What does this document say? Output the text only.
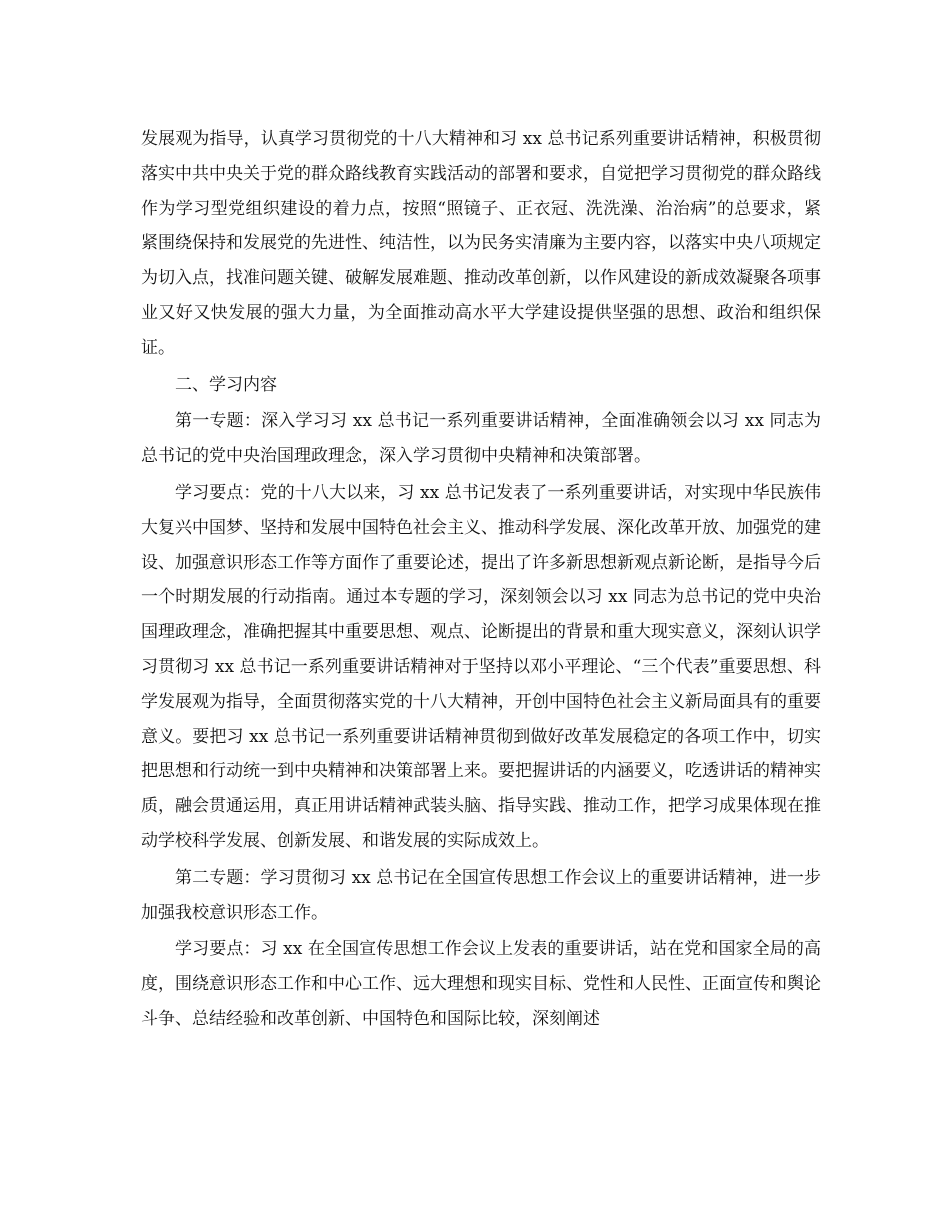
发展观为指导，认真学习贯彻党的十八大精神和习 xx 总书记系列重要讲话精神，积极贯彻落实中共中央关于党的群众路线教育实践活动的部署和要求，自觉把学习贯彻党的群众路线作为学习型党组织建设的着力点，按照“照镜子、正衣冠、洗洗澡、治治病”的总要求，紧紧围绕保持和发展党的先进性、纯洁性，以为民务实清廉为主要内容，以落实中央八项规定为切入点，找准问题关键、破解发展难题、推动改革创新，以作风建设的新成效凝聚各项事业又好又快发展的强大力量，为全面推动高水平大学建设提供坚强的思想、政治和组织保证。

二、学习内容

第一专题：深入学习习 xx 总书记一系列重要讲话精神，全面准确领会以习 xx 同志为总书记的党中央治国理政理念，深入学习贯彻中央精神和决策部署。

学习要点：党的十八大以来，习 xx 总书记发表了一系列重要讲话，对实现中华民族伟大复兴中国梦、坚持和发展中国特色社会主义、推动科学发展、深化改革开放、加强党的建设、加强意识形态工作等方面作了重要论述，提出了许多新思想新观点新论断，是指导今后一个时期发展的行动指南。通过本专题的学习，深刻领会以习 xx 同志为总书记的党中央治国理政理念，准确把握其中重要思想、观点、论断提出的背景和重大现实意义，深刻认识学习贯彻习 xx 总书记一系列重要讲话精神对于坚持以邓小平理论、“三个代表”重要思想、科学发展观为指导，全面贯彻落实党的十八大精神，开创中国特色社会主义新局面具有的重要意义。要把习 xx 总书记一系列重要讲话精神贯彻到做好改革发展稳定的各项工作中，切实把思想和行动统一到中央精神和决策部署上来。要把握讲话的内涵要义，吃透讲话的精神实质，融会贯通运用，真正用讲话精神武装头脑、指导实践、推动工作，把学习成果体现在推动学校科学发展、创新发展、和谐发展的实际成效上。

第二专题：学习贯彻习 xx 总书记在全国宣传思想工作会议上的重要讲话精神，进一步加强我校意识形态工作。

学习要点：习 xx 在全国宣传思想工作会议上发表的重要讲话，站在党和国家全局的高度，围绕意识形态工作和中心工作、远大理想和现实目标、党性和人民性、正面宣传和舆论斗争、总结经验和改革创新、中国特色和国际比较，深刻阐述
